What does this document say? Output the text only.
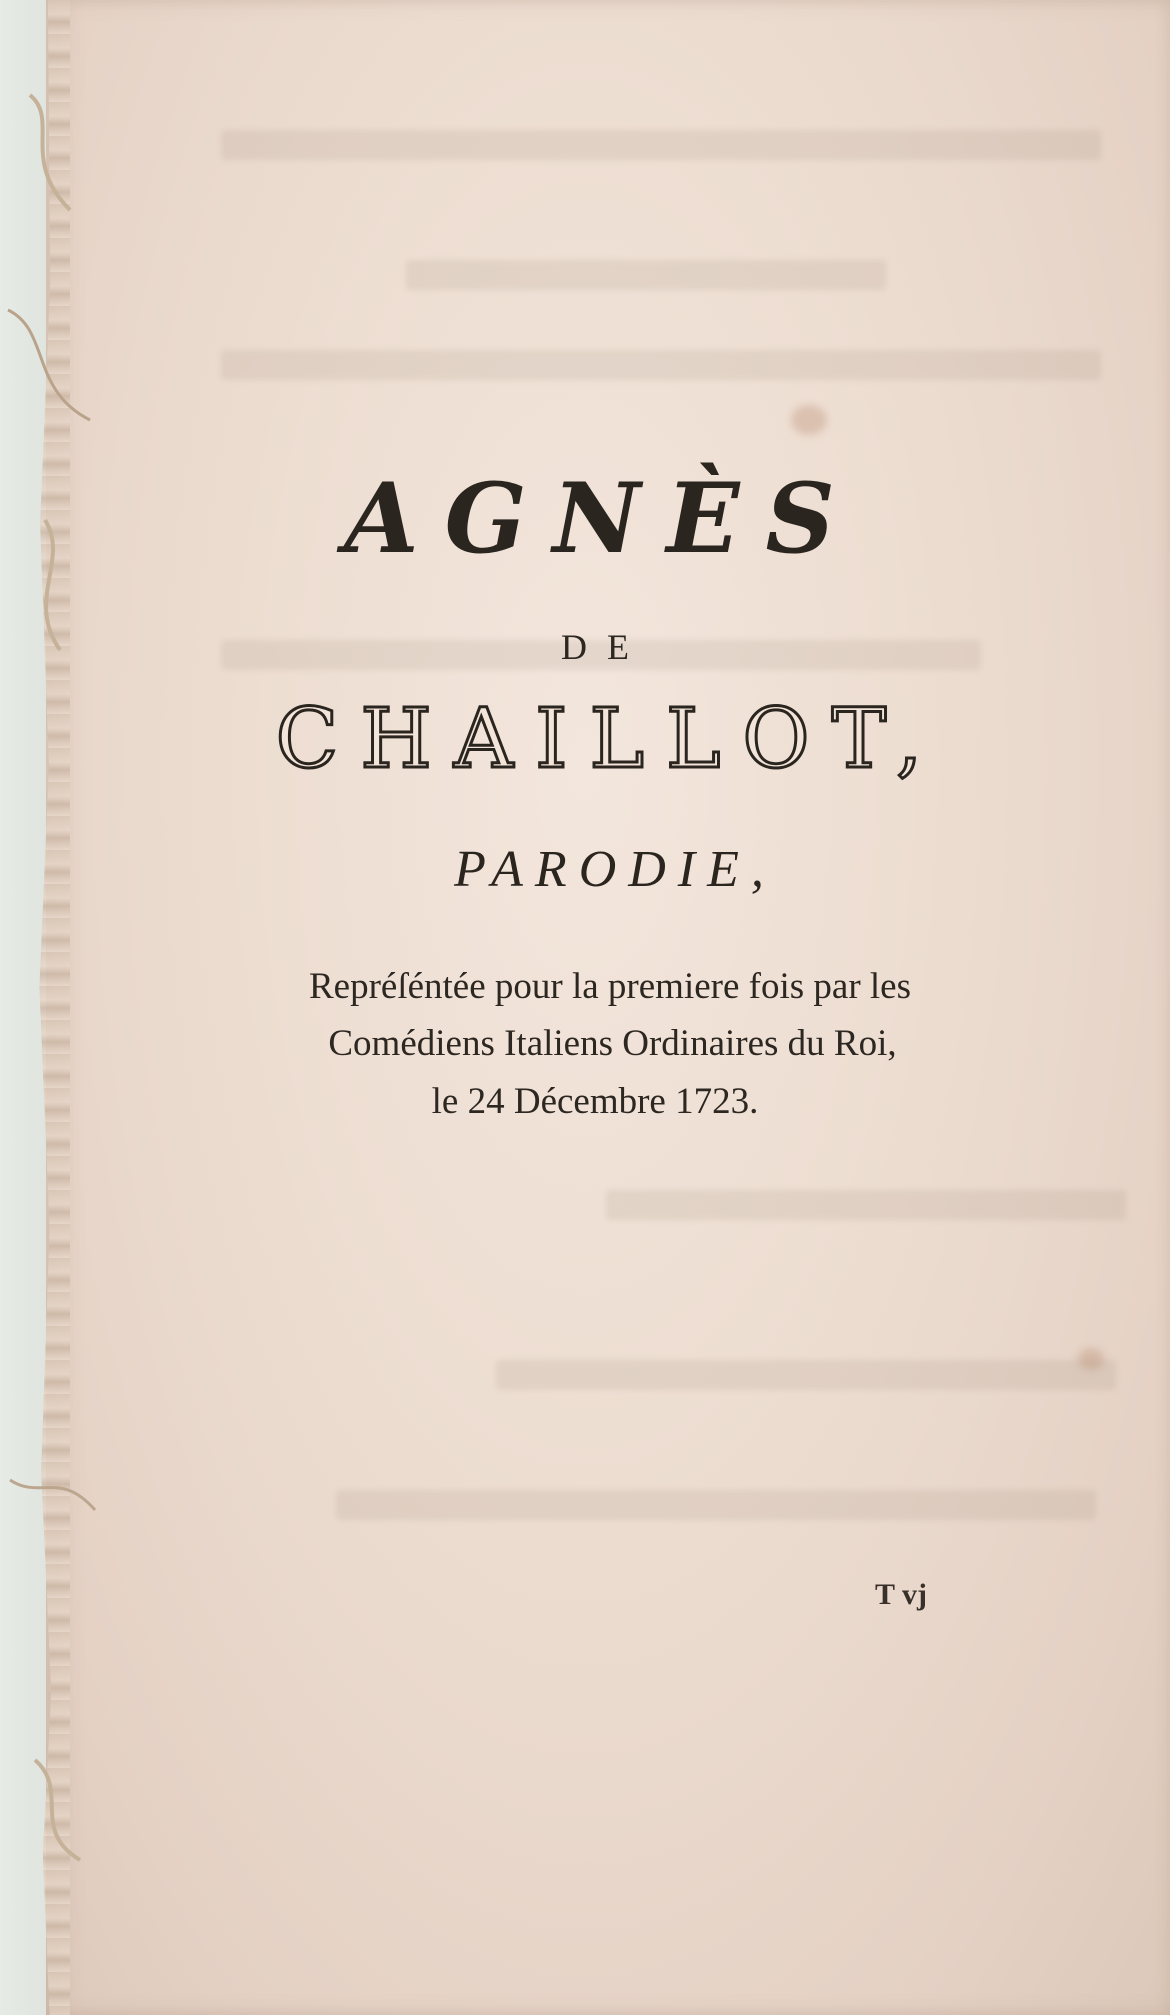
AGNÈS
DE
CHAILLOT,
PARODIE,
Repréſéntée pour la premiere fois par les
Comédiens Italiens Ordinaires du Roi,
le 24 Décembre 1723.
T vj
